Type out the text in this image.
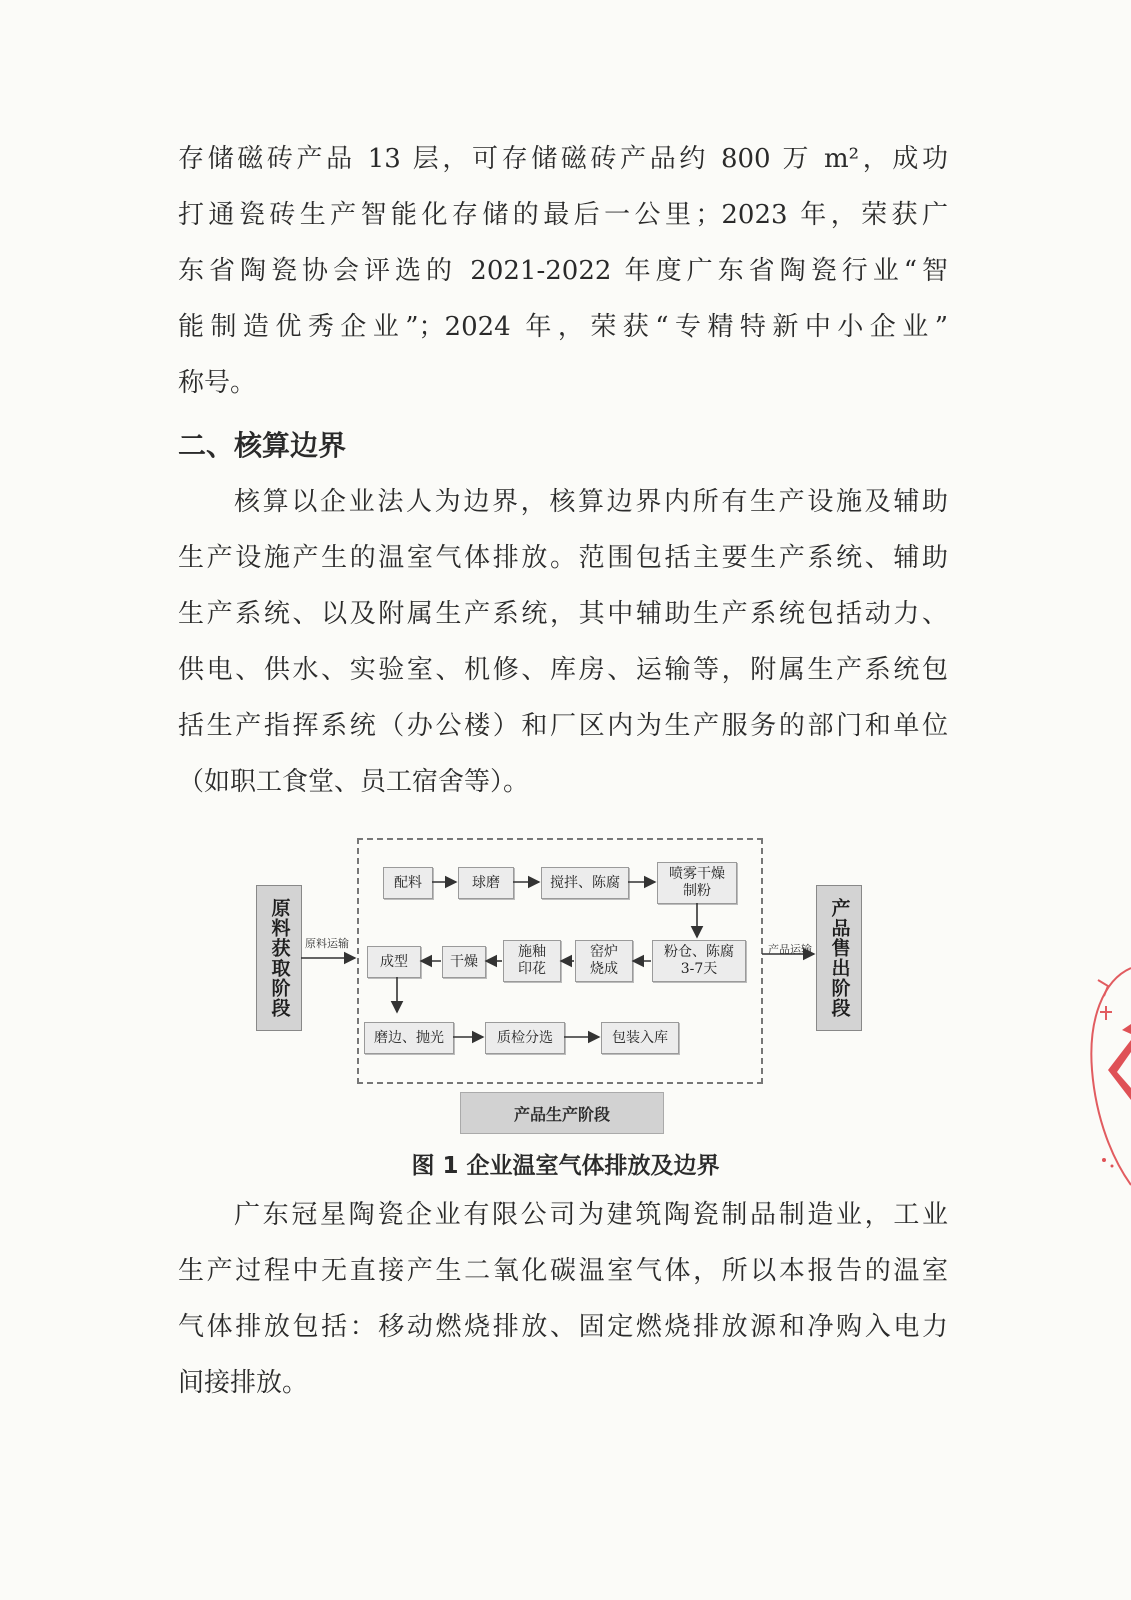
存储磁砖产品 13 层，可存储磁砖产品约 800 万 m²，成功
打通瓷砖生产智能化存储的最后一公里；2023 年，荣获广
东省陶瓷协会评选的 2021-2022 年度广东省陶瓷行业“智
能制造优秀企业”；2024 年，荣获“专精特新中小企业”
称号。
二、核算边界
核算以企业法人为边界，核算边界内所有生产设施及辅助
生产设施产生的温室气体排放。范围包括主要生产系统、辅助
生产系统、以及附属生产系统，其中辅助生产系统包括动力、
供电、供水、实验室、机修、库房、运输等，附属生产系统包
括生产指挥系统（办公楼）和厂区内为生产服务的部门和单位
（如职工食堂、员工宿舍等）。
原料获取阶段	产品售出阶段
原料运输	产品运输
配料	球磨	搅拌、陈腐
喷雾干燥制粉
成型	干燥
施釉印花
窑炉烧成
粉仓、陈腐3-7天
磨边、抛光	质检分选	包装入库
产品生产阶段

图 1 企业温室气体排放及边界

广东冠星陶瓷企业有限公司为建筑陶瓷制品制造业，工业
生产过程中无直接产生二氧化碳温室气体，所以本报告的温室
气体排放包括：移动燃烧排放、固定燃烧排放源和净购入电力
间接排放。
